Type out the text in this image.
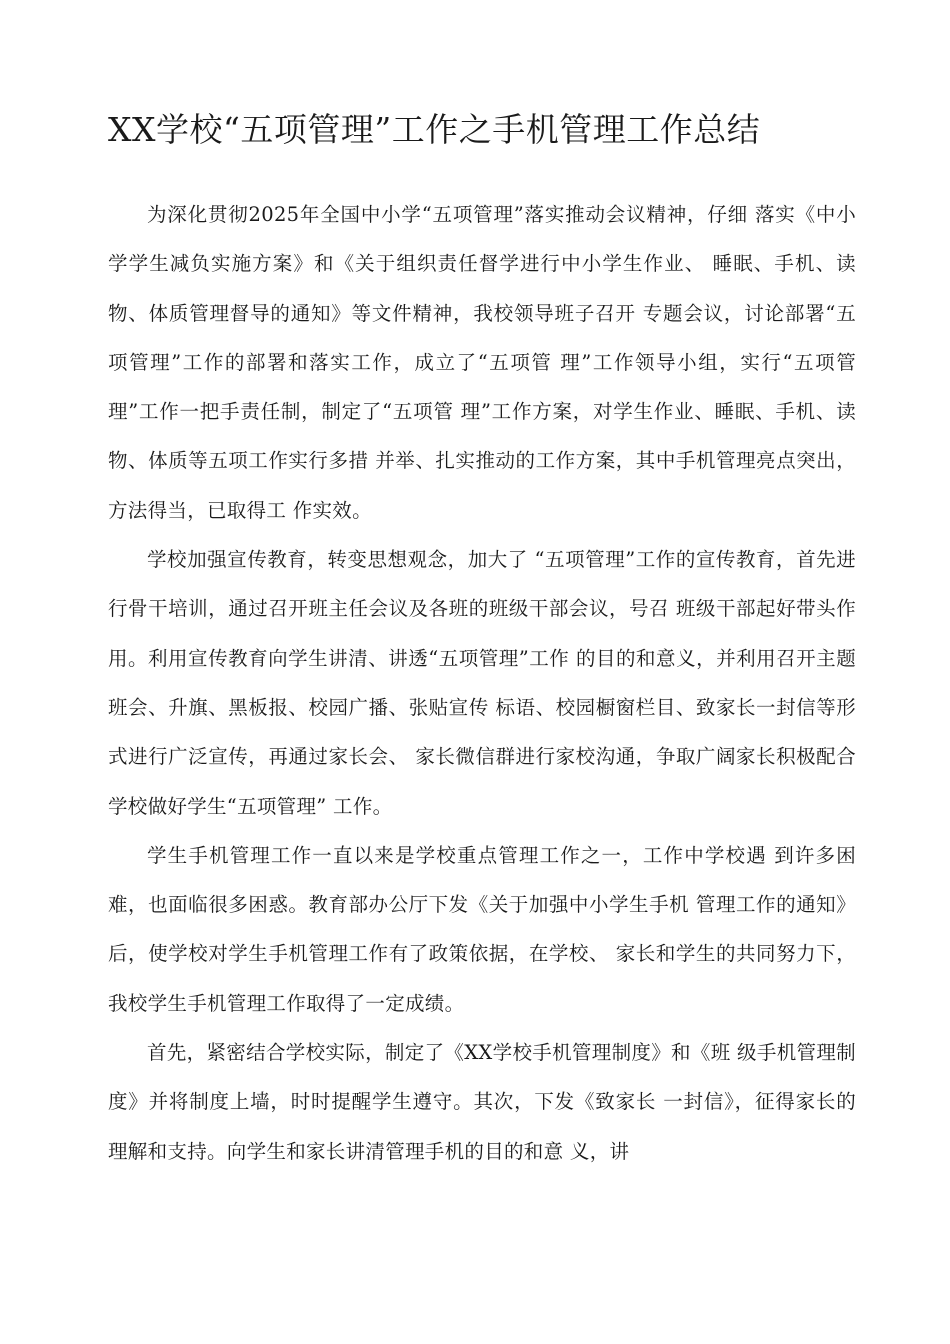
XX学校“五项管理”工作之手机管理工作总结

为深化贯彻2025年全国中小学“五项管理”落实推动会议精神，仔细 落实《中小学学生减负实施方案》和《关于组织责任督学进行中小学生作业、 睡眠、手机、读物、体质管理督导的通知》等文件精神，我校领导班子召开 专题会议，讨论部署“五项管理”工作的部署和落实工作，成立了“五项管 理”工作领导小组，实行“五项管理”工作一把手责任制，制定了“五项管 理”工作方案，对学生作业、睡眠、手机、读物、体质等五项工作实行多措 并举、扎实推动的工作方案，其中手机管理亮点突出，方法得当，已取得工 作实效。

学校加强宣传教育，转变思想观念，加大了 “五项管理”工作的宣传教育，首先进行骨干培训，通过召开班主任会议及各班的班级干部会议，号召 班级干部起好带头作用。利用宣传教育向学生讲清、讲透“五项管理”工作 的目的和意义，并利用召开主题班会、升旗、黑板报、校园广播、张贴宣传 标语、校园橱窗栏目、致家长一封信等形式进行广泛宣传，再通过家长会、 家长微信群进行家校沟通，争取广阔家长积极配合学校做好学生“五项管理” 工作。

学生手机管理工作一直以来是学校重点管理工作之一，工作中学校遇 到许多困难，也面临很多困惑。教育部办公厅下发《关于加强中小学生手机 管理工作的通知》后，使学校对学生手机管理工作有了政策依据，在学校、 家长和学生的共同努力下，我校学生手机管理工作取得了一定成绩。

首先，紧密结合学校实际，制定了《XX学校手机管理制度》和《班 级手机管理制度》并将制度上墙，时时提醒学生遵守。其次，下发《致家长 一封信》，征得家长的理解和支持。向学生和家长讲清管理手机的目的和意 义，讲
